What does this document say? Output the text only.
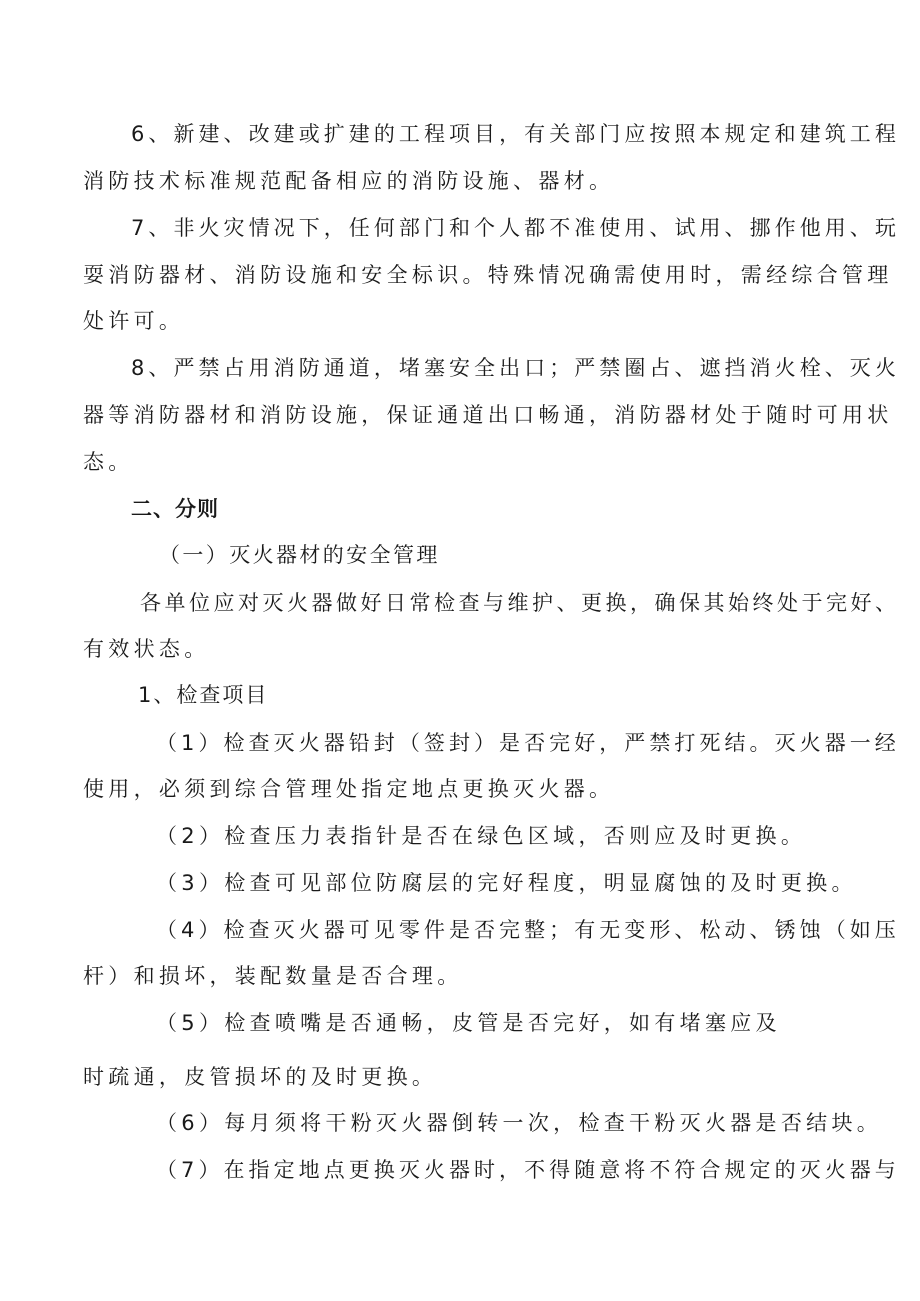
6、新建、改建或扩建的工程项目，有关部门应按照本规定和建筑工程
消防技术标准规范配备相应的消防设施、器材。
7、非火灾情况下，任何部门和个人都不准使用、试用、挪作他用、玩
耍消防器材、消防设施和安全标识。特殊情况确需使用时，需经综合管理
处许可。
8、严禁占用消防通道，堵塞安全出口；严禁圈占、遮挡消火栓、灭火
器等消防器材和消防设施，保证通道出口畅通，消防器材处于随时可用状
态。
二、分则
（一）灭火器材的安全管理
各单位应对灭火器做好日常检查与维护、更换，确保其始终处于完好、
有效状态。
1、检查项目
（1）检查灭火器铅封（签封）是否完好，严禁打死结。灭火器一经
使用，必须到综合管理处指定地点更换灭火器。
（2）检查压力表指针是否在绿色区域，否则应及时更换。
（3）检查可见部位防腐层的完好程度，明显腐蚀的及时更换。
（4）检查灭火器可见零件是否完整；有无变形、松动、锈蚀（如压
杆）和损坏，装配数量是否合理。
（5）检查喷嘴是否通畅，皮管是否完好，如有堵塞应及
时疏通，皮管损坏的及时更换。
（6）每月须将干粉灭火器倒转一次，检查干粉灭火器是否结块。
（7）在指定地点更换灭火器时，不得随意将不符合规定的灭火器与
